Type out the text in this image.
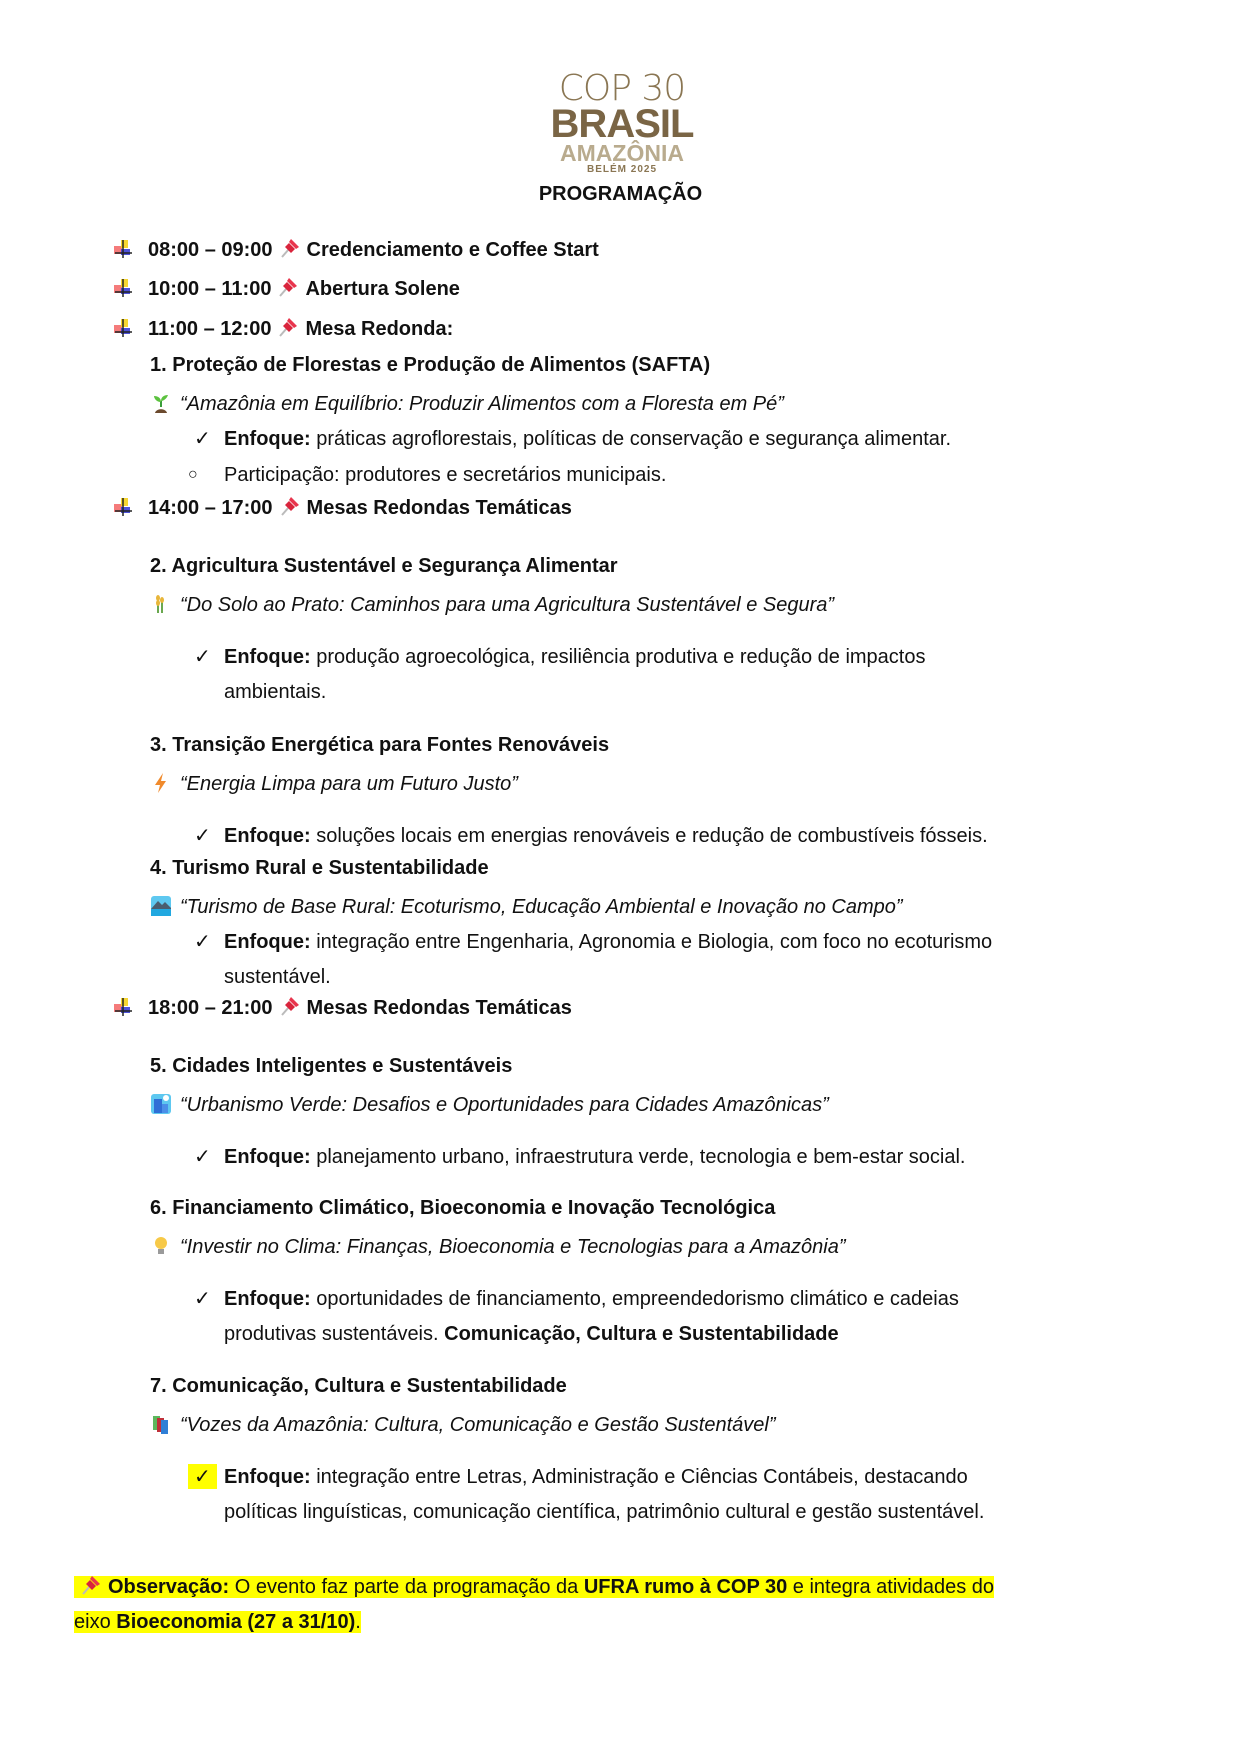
COP 30
BRASIL
AMAZÔNIA
BELÉM 2025
PROGRAMAÇÃO
08:00 – 09:00 Credenciamento e Coffee Start
10:00 – 11:00 Abertura Solene
11:00 – 12:00 Mesa Redonda:
14:00 – 17:00 Mesas Redondas Temáticas
18:00 – 21:00 Mesas Redondas Temáticas
1. Proteção de Florestas e Produção de Alimentos (SAFTA)
“Amazônia em Equilíbrio: Produzir Alimentos com a Floresta em Pé”
✓ Enfoque: práticas agroflorestais, políticas de conservação e segurança alimentar.
○ Participação: produtores e secretários municipais.
2. Agricultura Sustentável e Segurança Alimentar
“Do Solo ao Prato: Caminhos para uma Agricultura Sustentável e Segura”
✓ Enfoque: produção agroecológica, resiliência produtiva e redução de impactos
ambientais.
3. Transição Energética para Fontes Renováveis
“Energia Limpa para um Futuro Justo”
✓ Enfoque: soluções locais em energias renováveis e redução de combustíveis fósseis.
4. Turismo Rural e Sustentabilidade
“Turismo de Base Rural: Ecoturismo, Educação Ambiental e Inovação no Campo”
✓ Enfoque: integração entre Engenharia, Agronomia e Biologia, com foco no ecoturismo
sustentável.
5. Cidades Inteligentes e Sustentáveis
“Urbanismo Verde: Desafios e Oportunidades para Cidades Amazônicas”
✓ Enfoque: planejamento urbano, infraestrutura verde, tecnologia e bem-estar social.
6. Financiamento Climático, Bioeconomia e Inovação Tecnológica
“Investir no Clima: Finanças, Bioeconomia e Tecnologias para a Amazônia”
✓ Enfoque: oportunidades de financiamento, empreendedorismo climático e cadeias
produtivas sustentáveis. Comunicação, Cultura e Sustentabilidade
7. Comunicação, Cultura e Sustentabilidade
“Vozes da Amazônia: Cultura, Comunicação e Gestão Sustentável”
✓ Enfoque: integração entre Letras, Administração e Ciências Contábeis, destacando
políticas linguísticas, comunicação científica, patrimônio cultural e gestão sustentável.
Observação: O evento faz parte da programação da UFRA rumo à COP 30 e integra atividades do
eixo Bioeconomia (27 a 31/10).
